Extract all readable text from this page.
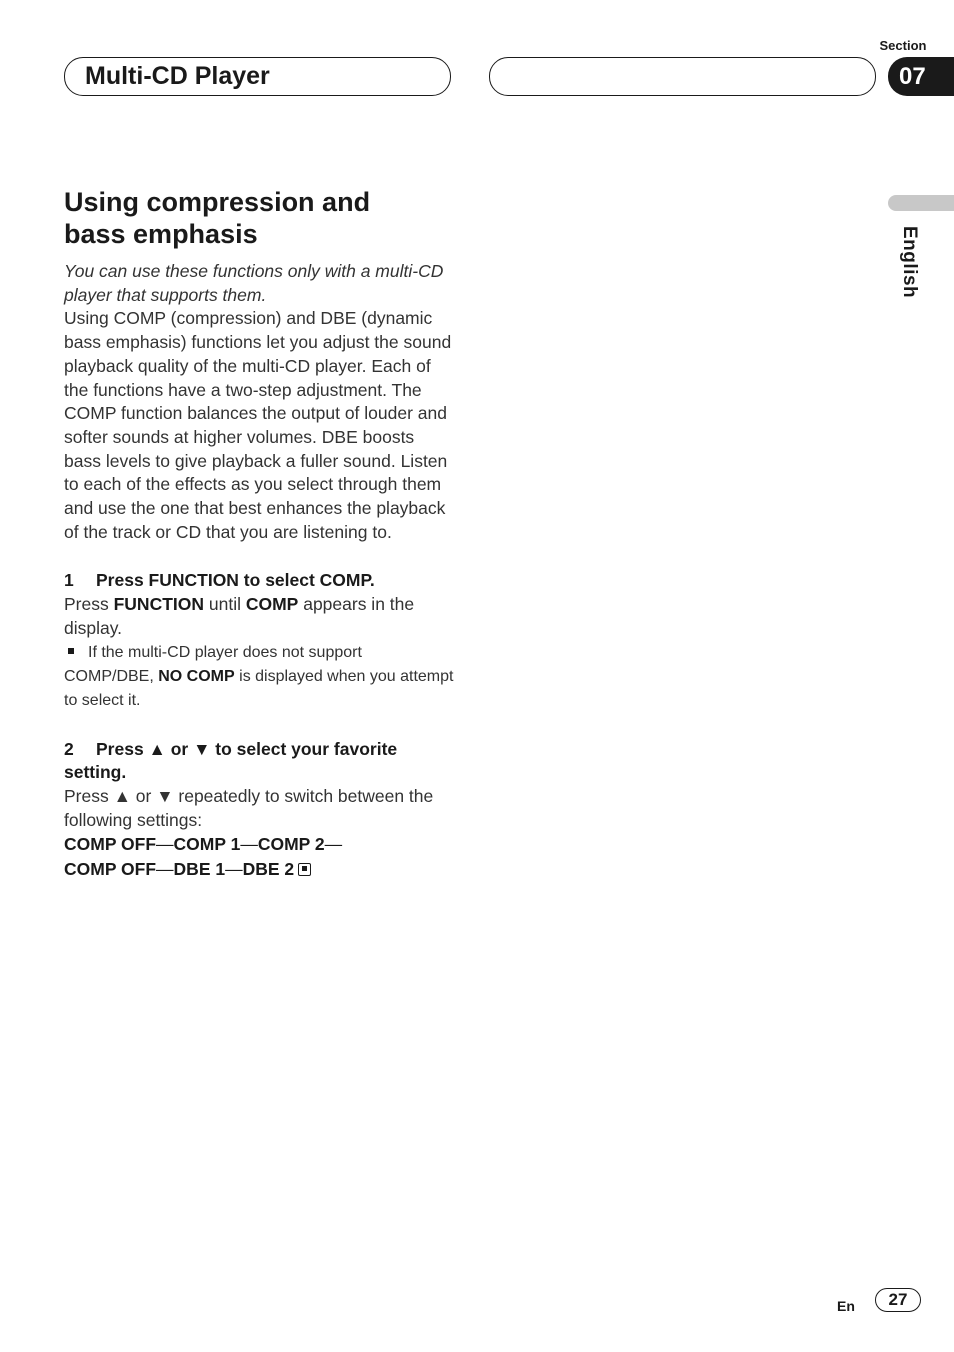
Section
07
Multi-CD Player
English
Using compression and
bass emphasis

You can use these functions only with a multi-CD player that supports them.

Using COMP (compression) and DBE (dynamic bass emphasis) functions let you adjust the sound playback quality of the multi-CD player. Each of the functions have a two-step adjustment. The COMP function balances the output of louder and softer sounds at higher volumes. DBE boosts bass levels to give playback a fuller sound. Listen to each of the effects as you select through them and use the one that best enhances the playback of the track or CD that you are listening to.

1 Press FUNCTION to select COMP.

Press FUNCTION until COMP appears in the display.

If the multi-CD player does not support COMP/DBE, NO COMP is displayed when you attempt to select it.

2 Press ▲ or ▼ to select your favorite setting.

Press ▲ or ▼ repeatedly to switch between the following settings:

COMP OFF—COMP 1—COMP 2—
COMP OFF—DBE 1—DBE 2

En	27
